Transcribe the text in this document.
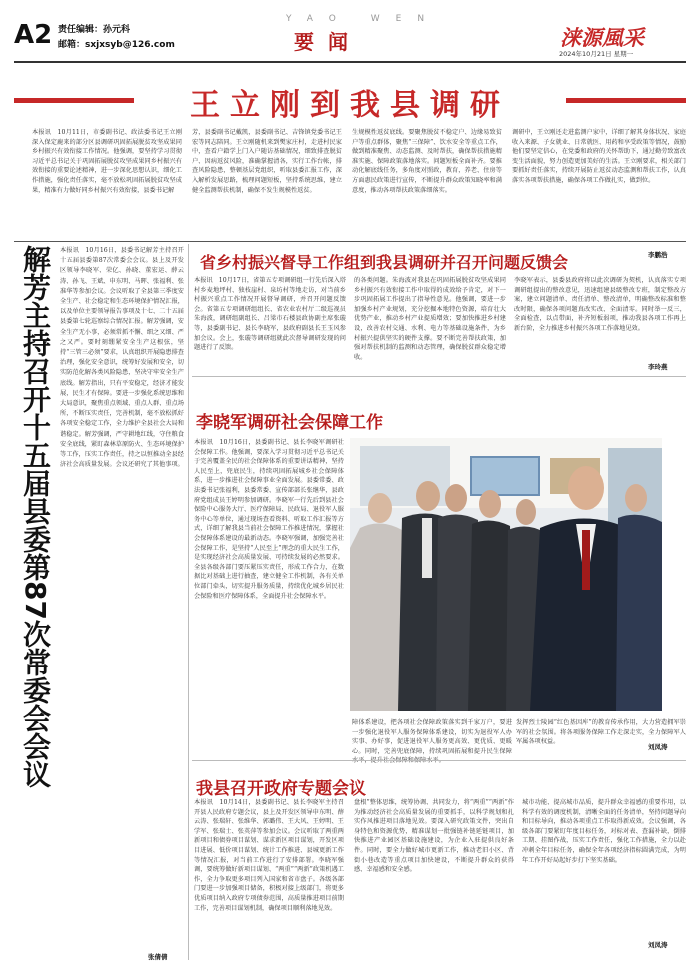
A2 责任编辑：孙元科
邮箱：sxjxsyb@126.com
YAO WEN
要闻	涞源風采
2024年10月21日 星期一
王立刚到我县调研
本报讯　10月11日，市委副书记、政法委书记王立刚深入保定鹿来的部分区县调研巩固拓展脱贫攻坚成果同乡村振兴有效衔接工作情况。他强调，要坚持学习贯彻习近平总书记关于巩固拓展脱贫攻坚成果同乡村振兴有效衔接的重要论述精神，进一步深化思想认识，细化工作措施，强化责任落实，毫不放松巩固拓展脱贫攻坚成果，精准有力做好同乡村振兴有效衔接，县委书记解
芳，县委副书记戴凯，县委副书记、吉锋镇党委书记王宏等同志陪同。王立刚随机来到樊家庄村，走进村民家中，查看户籍学上门入户随访基础情况，细致排查脱贫户、因病返贫风险，准确掌握清各，实行工作台帐，排查风险隐患，整顿基层党组织，听取县委汇报工作，深入解析发展思路，梳理问题短板，坚持系统思维，建立健全监测帮扶机制，确保不发生规模性返贫。
生规模性返贫底线。要聚焦脱贫不稳定户、边缘易致贫户等重点群体，聚焦“三保障”、饮水安全等重点工作，做到精准聚焦、动态监测、及时帮扶，确保帮扶措施精准实施、保障政策落地落实。问题短板全面补齐。要推动化解底线任务，多角度对照政，教育，养老、住房等方面惠民政策进行宣传，不断提升群众政策知晓率和满意度，推动各项帮扶政策落细落实。
调研中，王立刚还走进监测户家中，详细了解其身体状况、家庭收入来源、子女就业、日常就医、用药和享受政策等情况，鼓励他们要坚定信心，在党委和政府的关怀帮助下，通过勤劳致富改变生活面貌，努力创造更加美好的生活。王立刚要求，相关部门要抓好责任落实，持续开展防止返贫动态监测和帮扶工作，认真落实各项帮扶措施，确保各项工作做扎实，做到位。
李鹏浩
解芳主持召开十五届县委第87次常委会会议 本报讯　10月16日，县委书记解芳主持召开十五届县委第87次常委会会议。县上及开发区领导李晓军、荣亿、孙晓、董宏运、薛云涛、孙飞、王斌、申东明、马晖、张福利、张准华等参加会议。会议听取了全县第三季度安全生产、社会稳定和生态环境保护情况汇报，以及单位主要领导报告事项及十七、二十五届县委第七轮巡察综合情况汇报。解芳强调，安全生产无小事，必须常抓不懈、细之又细、严之又严。要时刻绷紧安全生产这根弦，坚持“三管三必须”要求，认真组织开展隐患排查治理，强化安全意识，统筹好发展和安全，切实防范化解各类风险隐患，坚决守牢安全生产底线。解芳指出，只有平安稳定，经济才能发展，民生才有保障。要进一步强化系统思维和大局意识，聚焦重点领域、重点人群、重点场所，不断压实责任，完善机制，毫不放松抓好各项安全稳定工作，全力维护全县社会大局和谐稳定。解芳强调，严守耕地红线，守住粮食安全底线，紧盯森林草原防火、生态环境保护等工作，压实工作责任，持之以恒推动全县经济社会高质量发展。会议还研究了其他事项。
张倩倩
省乡村振兴督导工作组到我县调研并召开问题反馈会
本报讯　10月17日，省第五专项调研组一行先后深入塔村乡麦地坪村、独枝崖村、泉坊村等地走访，对当前乡村振兴重点工作情况开展督导调研，并召开问题反馈会。省第五专项调研组组长、省农业农村厅二级巡视员朱海波，调研组副组长、吕梁市石楼县政协副主席张璇等，县委副书记、县长李晓军，县政府副县长王玉风参加会议。会上，张璇等调研组就此次督导调研发现的问题进行了反馈。
的各类问题。朱海波对我县在巩固拓展脱贫攻坚成果同乡村振兴有效衔接工作中取得的成效给予肯定，对下一步巩固拓展工作提出了指导性意见。他强调，要进一步加强乡村产业规划，充分挖掘本地特色资源，培育壮大优势产业，推动乡村产业提质增效；要加快推进乡村建设，改善农村交通、水利、电力等基础设施条件，为乡村振兴提供坚实的硬件支撑。要不断完善帮扶政策，加强对帮扶机制的监测和动态管理，确保脱贫群众稳定增收。
李晓军表示，县委县政府将以此次调研为契机，认真落实专项调研组提出的整改意见，迅速组建县级整改专班，制定整改方案，建立问题清单、责任清单、整改清单，明确整改标准和整改时限，确保各项问题真改实改、全面清零。同时举一反三，全面检查，以点带面，补齐短板弱项，推动我县各项工作再上新台阶，全力推进乡村振兴各项工作落地见效。
李玲燕
李晓军调研社会保障工作
本报讯　10月16日，县委副书记、县长李晓军调研社会保障工作。他强调，要深入学习贯彻习近平总书记关于完善覆盖全民的社会保障体系的重要讲话精神，坚持人民至上，兜底民生，持续巩固拓展城乡社会保障体系，进一步推进社会保障事业全面发展。县委常委、政法委书记张福利，县委常委、宣传部部长张继华，县政府党组成员王婷明参加调研。李晓军一行先后到县社会保险中心服务大厅、医疗保障局、民政局、退役军人服务中心等单位，通过现场查看资料、听取工作汇报等方式，详细了解我县当前社会保障工作推进情况，掌握社会保障体系建设的最新动态。李晓军强调，加强完善社会保障工作，是坚持“人民至上”理念的重大民生工作，是实现经济社会高质量发展、可持续发展的必然要求。全县各级各部门要压紧压实责任，形成工作合力，在数据比对基础上进行抽查，建立健全工作机制，各有关单位部门牵头，切实提升服务质量，持续优化城乡居民社会保险和医疗保障体系，全面提升社会保障水平。
障体系建设，把各项社会保障政策落实到千家万户，要进一步强化退役军人服务保障体系建设，切实为退役军人办实事、办好事，促进退役军人服务更高效、更优质、更暖心。同时，完善兜底保障，持续巩固拓展和提升民生保障
发挥烈士陵园“红色基因库”的教育传承作用，大力营造拥军崇军的社会氛围。将各项服务保障工作走深走实，全力保障军人军属各项权益。
刘凤涛
我县召开政府专题会议
本报讯　10月14日，县委副书记、县长李晓军主持召开县人民政府专题会议，县上及开发区领导申东明、薛云涛、张瑞轩、张维华、郭璐伟、王大风、王婷明、王学军、张瑞士、张英萍等参加会议。会议听取了两重两新项目和债券项目谋划、谋求新区项目谋划，开发区项目进展、低价项目谋划、统计工作推进、县城更新工作等情况汇报，对当前工作进行了安排部署。李晓军强调，要统筹做好新项目谋划、“两重”“两新”政策机遇工作，全力争取更多项目列入国家和省市盘子。各级各部门要进一步加强项目储备，积极对接上级部门，将更多优质项目纳入政府专项债券范围，高质量推进项目前期工作，完善项目谋划机制，确保项目顺利落地见效。
盘根”整体思维，统筹协调、共同发力，将“两重”“两新”作为推动经济社会高质量发展的重要抓手，以科学规划和扎实作风推进项目落地见效。要深入研究政策文件，突出自身特色和资源优势，精准谋划一批强链补链延链项目，加快推进产业园区基础设施建设，为企业入驻提供良好条件。同时，要全力做好城市更新工作，推动老旧小区、背街小巷改造等重点项目加快建设，不断提升群众的获得感、幸福感和安全感。
城市功能、提高城市品质，提升群众幸福感的重要作用，以科学有效的调度机制，清晰全面的任务清单，坚持问题导向和目标导向，推动各项重点工作取得新成效。会议强调，各级各部门要紧盯年度目标任务，对标对表、查漏补缺，倒排工期、挂图作战，压实工作责任，强化工作措施，全力以赴冲刺全年目标任务，确保全年各项经济指标圆满完成，为明年工作开好局起好步打下坚实基础。
刘凤涛
